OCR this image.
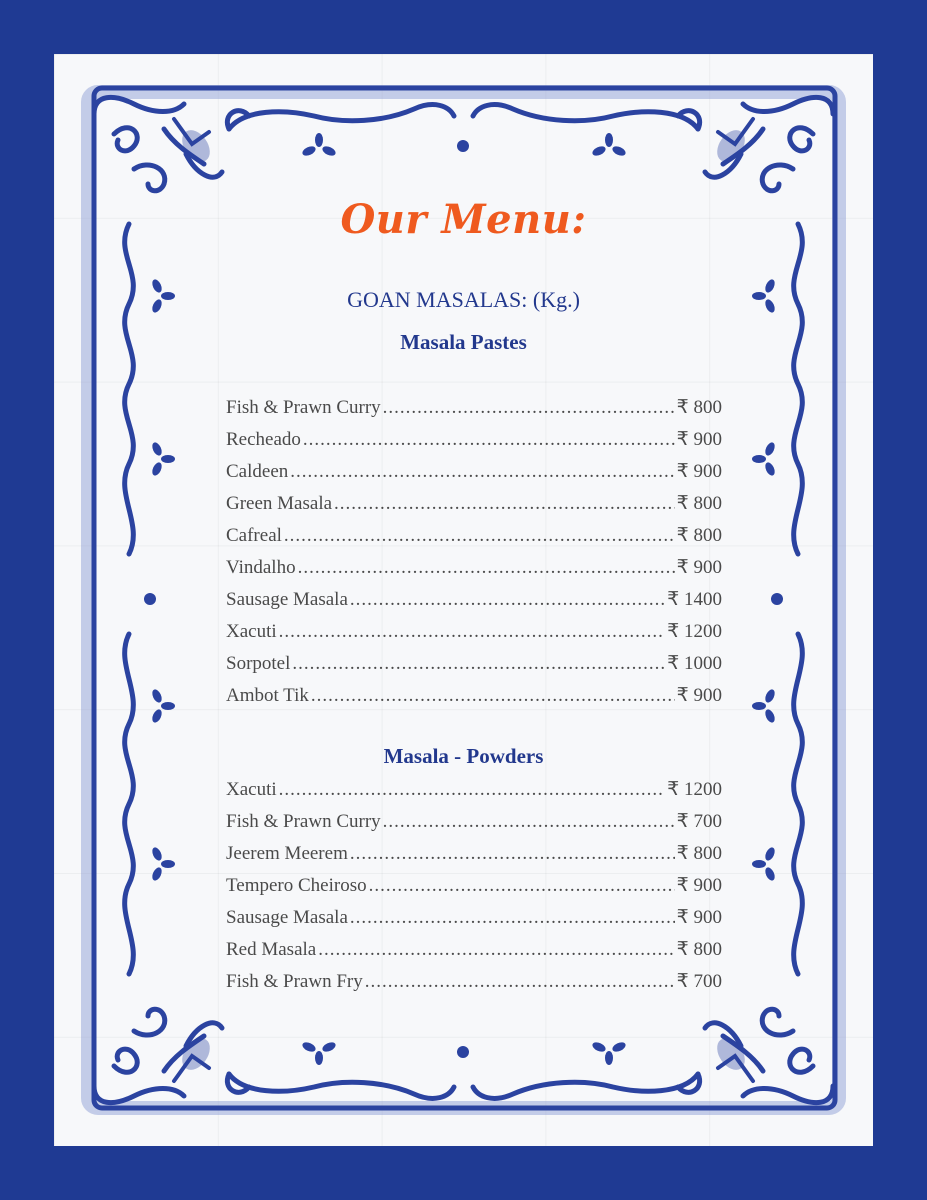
Our Menu:
GOAN MASALAS: (Kg.)
Masala Pastes
Fish & Prawn Curry .....	₹ 800
Recheado .....	₹ 900
Caldeen .....	₹ 900
Green Masala .....	₹ 800
Cafreal .....	₹ 800
Vindalho .....	₹ 900
Sausage Masala .....	₹ 1400
Xacuti .....	₹ 1200
Sorpotel .....	₹ 1000
Ambot Tik .....	₹ 900
Masala - Powders
Xacuti .....	₹ 1200
Fish & Prawn Curry .....	₹ 700
Jeerem Meerem .....	₹ 800
Tempero Cheiroso .....	₹ 900
Sausage Masala .....	₹ 900
Red Masala .....	₹ 800
Fish & Prawn Fry .....	₹ 700
